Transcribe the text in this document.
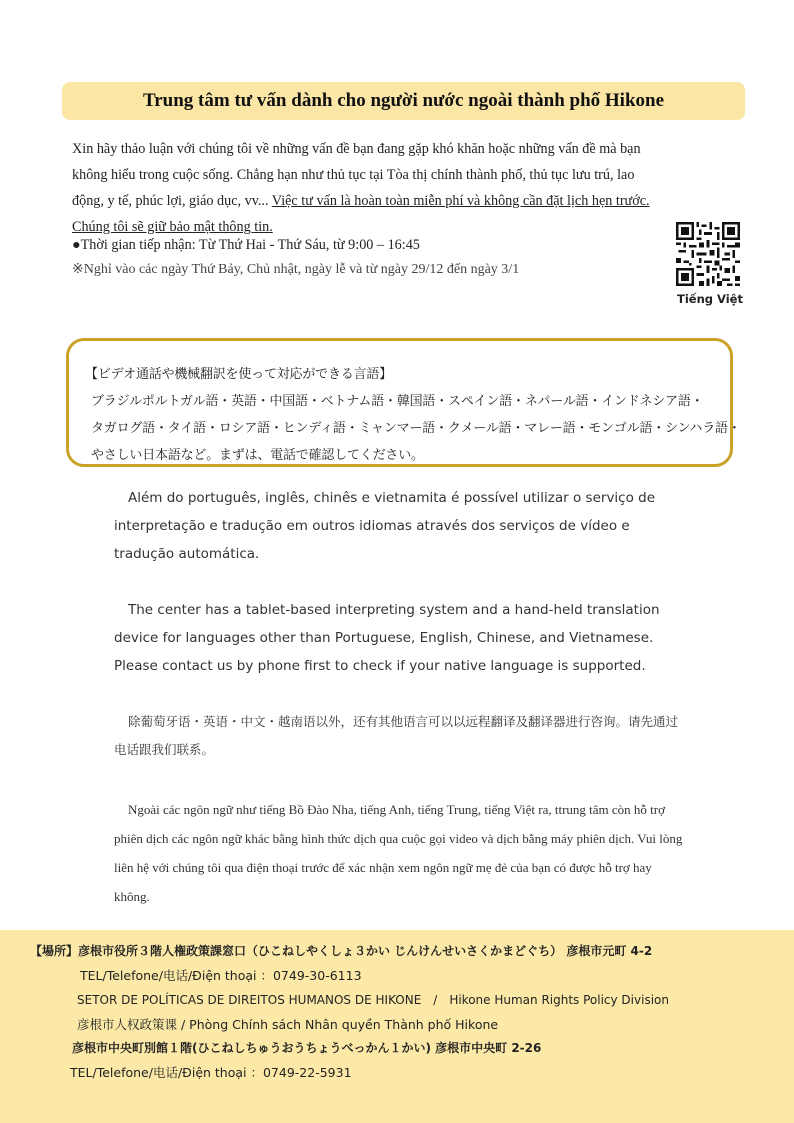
Trung tâm tư vấn dành cho người nước ngoài thành phố Hikone
Xin hãy thảo luận với chúng tôi về những vấn đề bạn đang gặp khó khăn hoặc những vấn đề mà bạn không hiểu trong cuộc sống. Chẳng hạn như thủ tục tại Tòa thị chính thành phố, thủ tục lưu trú, lao động, y tế, phúc lợi, giáo dục, vv... Việc tư vấn là hoàn toàn miễn phí và không cần đặt lịch hẹn trước. Chúng tôi sẽ giữ bảo mật thông tin.
●Thời gian tiếp nhận: Từ Thứ Hai - Thứ Sáu, từ 9:00 – 16:45
※Nghỉ vào các ngày Thứ Bảy, Chủ nhật, ngày lễ và từ ngày 29/12 đến ngày 3/1
Tiếng Việt

【ビデオ通話や機械翻訳を使って対応ができる言語】

ブラジルポルトガル語・英語・中国語・ベトナム語・韓国語・スペイン語・ネパール語・インドネシア語・

タガログ語・タイ語・ロシア語・ヒンディ語・ミャンマー語・クメール語・マレー語・モンゴル語・シンハラ語・

やさしい日本語など。まずは、電話で確認してください。

Além do português, inglês, chinês e vietnamita é possível utilizar o serviço de interpretação e tradução em outros idiomas através dos serviços de vídeo e tradução automática.
The center has a tablet-based interpreting system and a hand-held translation device for languages other than Portuguese, English, Chinese, and Vietnamese. Please contact us by phone first to check if your native language is supported.
除葡萄牙语・英语・中文・越南语以外，还有其他语言可以以远程翻译及翻译器进行咨询。请先通过电话跟我们联系。
Ngoài các ngôn ngữ như tiếng Bồ Đào Nha, tiếng Anh, tiếng Trung, tiếng Việt ra, ttrung tâm còn hỗ trợ phiên dịch các ngôn ngữ khác bằng hình thức dịch qua cuộc gọi video và dịch bằng máy phiên dịch. Vui lòng liên hệ với chúng tôi qua điện thoại trước để xác nhận xem ngôn ngữ mẹ đẻ của bạn có được hỗ trợ hay không.
【場所】彦根市役所３階人権政策課窓口（ひこねしやくしょ３かい じんけんせいさくかまどぐち） 彦根市元町 4-2
TEL/Telefone/电话/Điện thoại ：0749-30-6113
SETOR DE POLÍTICAS DE DIREITOS HUMANOS DE HIKONE　/　Hikone Human Rights Policy Division
彦根市人权政策课 / Phòng Chính sách Nhân quyền Thành phố Hikone
彦根市中央町別館１階(ひこねしちゅうおうちょうべっかん１かい) 彦根市中央町 2-26
TEL/Telefone/电话/Điện thoại ：0749-22-5931
